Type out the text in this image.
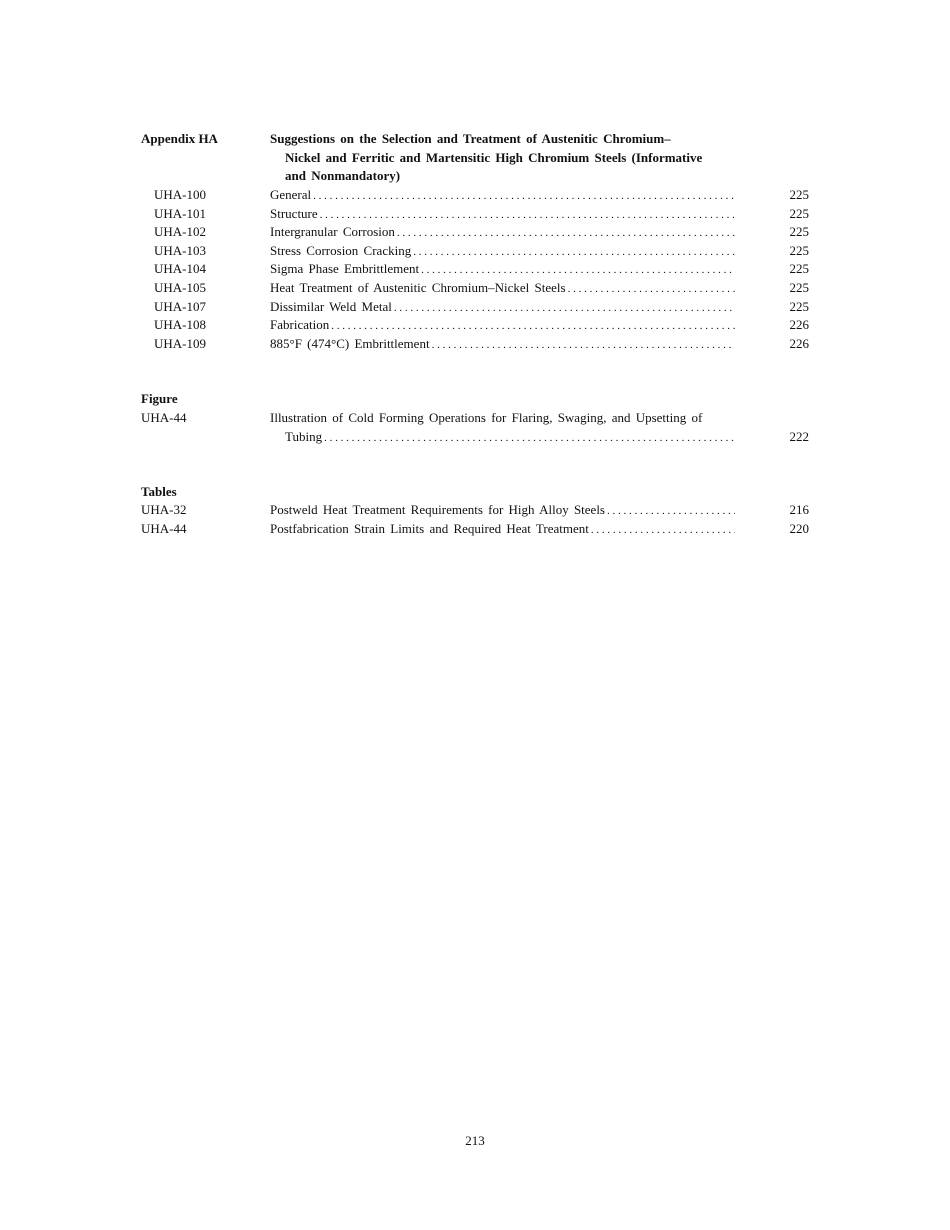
Appendix HA	Suggestions on the Selection and Treatment of Austenitic Chromium–
Nickel and Ferritic and Martensitic High Chromium Steels (Informative
and Nonmandatory)
UHA-100	General . . .	225
UHA-101	Structure . . .	225
UHA-102	Intergranular Corrosion . . .	225
UHA-103	Stress Corrosion Cracking . . .	225
UHA-104	Sigma Phase Embrittlement . . .	225
UHA-105	Heat Treatment of Austenitic Chromium–Nickel Steels . . .	225
UHA-107	Dissimilar Weld Metal . . .	225
UHA-108	Fabrication . . .	226
UHA-109	885°F (474°C) Embrittlement . . .	226
Figure
UHA-44	Illustration of Cold Forming Operations for Flaring, Swaging, and Upsetting of
Tubing . . .	222
Tables
UHA-32	Postweld Heat Treatment Requirements for High Alloy Steels . . .	216
UHA-44	Postfabrication Strain Limits and Required Heat Treatment . . .	220
213
